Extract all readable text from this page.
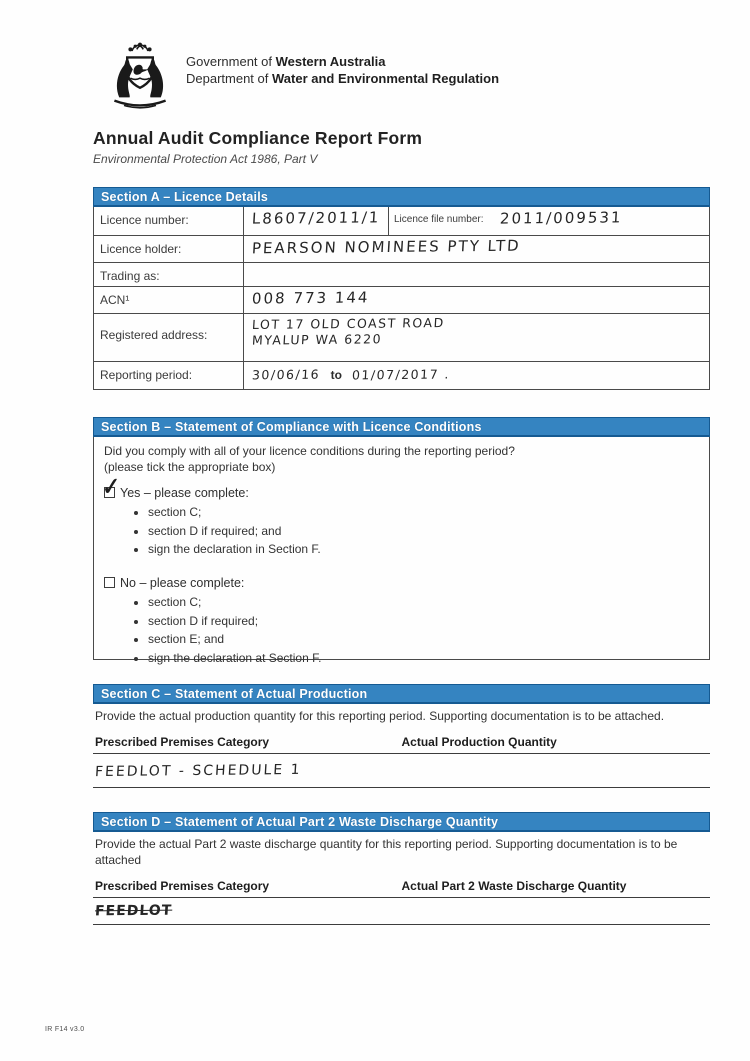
Government of Western Australia
Department of Water and Environmental Regulation
Annual Audit Compliance Report Form
Environmental Protection Act 1986, Part V
Section A – Licence Details
Licence number:	L8607/2011/1	Licence file number:	2011/009531
Licence holder:	PEARSON NOMINEES PTY LTD
Trading as:
ACN¹	008 773 144
Registered address:
LOT 17 OLD COAST ROAD
MYALUP WA 6220
Reporting period:	30/06/16 to 01/07/2017 .
Section B – Statement of Compliance with Licence Conditions
Did you comply with all of your licence conditions during the reporting period?
(please tick the appropriate box)
✓ Yes – please complete:
• section C;
• section D if required; and
• sign the declaration in Section F.
No – please complete:
• section C;
• section D if required;
• section E; and
• sign the declaration at Section F.
Section C – Statement of Actual Production
Provide the actual production quantity for this reporting period. Supporting documentation is to be attached.
Prescribed Premises Category	Actual Production Quantity
FEEDLOT - SCHEDULE 1
Section D – Statement of Actual Part 2 Waste Discharge Quantity
Provide the actual Part 2 waste discharge quantity for this reporting period. Supporting documentation is to be attached
Prescribed Premises Category	Actual Part 2 Waste Discharge Quantity
FEEDLOT
IR F14 v3.0
